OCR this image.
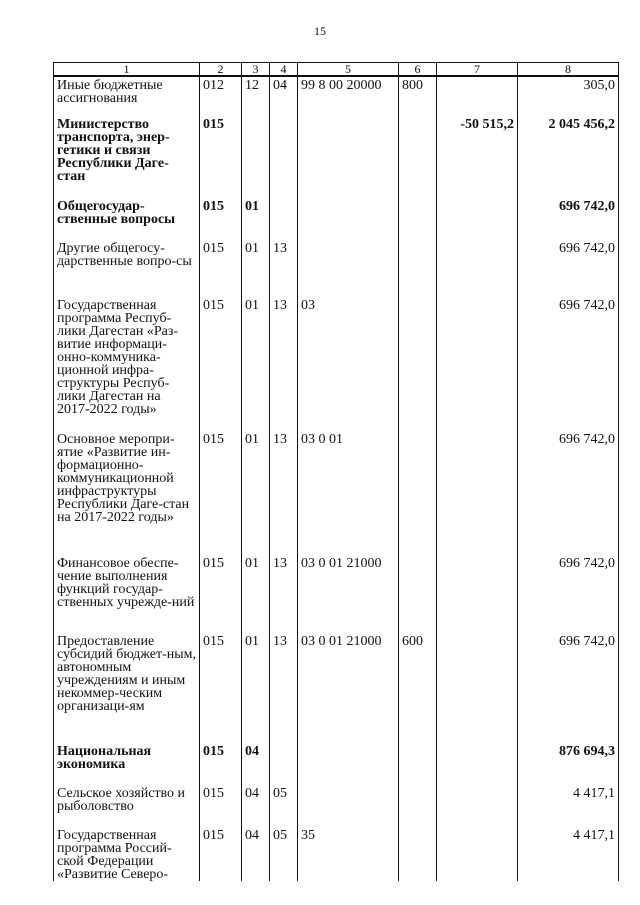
15
1	2	3	4	5	6	7	8
Иные бюджетные ассигнования	012	12	04	99 8 00 20000	800		305,0
Министерство транспорта, энер-гетики и связи Республики Даге-стан	015					-50 515,2	2 045 456,2
Общегосудар-ственные вопросы	015	01					696 742,0
Другие общегосу-дарственные вопро-сы	015	01	13				696 742,0
Государственная программа Респуб-лики Дагестан «Раз-витие информаци-онно-коммуника-ционной инфра-структуры Респуб-лики Дагестан на 2017-2022 годы»	015	01	13	03			696 742,0
Основное меропри-ятие «Развитие ин-формационно-коммуникационной инфраструктуры Республики Даге-стан на 2017-2022 годы»	015	01	13	03 0 01			696 742,0
Финансовое обеспе-чение выполнения функций государ-ственных учрежде-ний	015	01	13	03 0 01 21000			696 742,0
Предоставление субсидий бюджет-ным, автономным учреждениям и иным некоммер-ческим организаци-ям	015	01	13	03 0 01 21000	600		696 742,0
Национальная экономика	015	04					876 694,3
Сельское хозяйство и рыболовство	015	04	05				4 417,1
Государственная программа Россий-ской Федерации «Развитие Северо-	015	04	05	35			4 417,1
